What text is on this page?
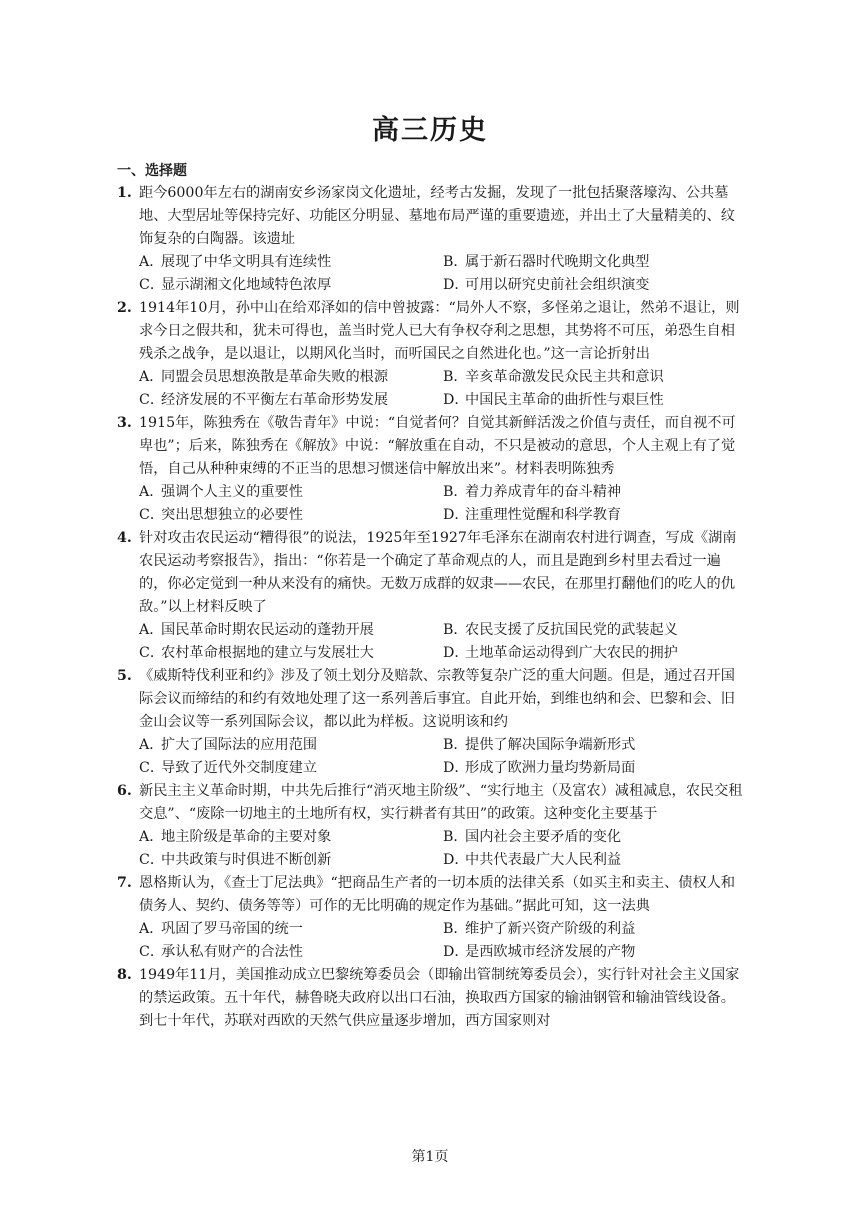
高三历史
一、选择题
1. 距今6000年左右的湖南安乡汤家岗文化遗址，经考古发掘，发现了一批包括聚落壕沟、公共墓地、大型居址等保持完好、功能区分明显、墓地布局严谨的重要遗迹，并出土了大量精美的、纹饰复杂的白陶器。该遗址
A．展现了中华文明具有连续性	B．属于新石器时代晚期文化典型
C．显示湖湘文化地域特色浓厚	D．可用以研究史前社会组织演变
2. 1914年10月，孙中山在给邓泽如的信中曾披露：“局外人不察，多怪弟之退让，然弟不退让，则求今日之假共和，犹未可得也，盖当时党人已大有争权夺利之思想，其势将不可压，弟恐生自相残杀之战争，是以退让，以期风化当时，而听国民之自然进化也。”这一言论折射出
A．同盟会员思想涣散是革命失败的根源	B．辛亥革命激发民众民主共和意识
C．经济发展的不平衡左右革命形势发展	D．中国民主革命的曲折性与艰巨性
3. 1915年，陈独秀在《敬告青年》中说：“自觉者何？自觉其新鲜活泼之价值与责任，而自视不可卑也”；后来，陈独秀在《解放》中说：“解放重在自动，不只是被动的意思，个人主观上有了觉悟，自己从种种束缚的不正当的思想习惯迷信中解放出来”。材料表明陈独秀
A．强调个人主义的重要性	B．着力养成青年的奋斗精神
C．突出思想独立的必要性	D．注重理性觉醒和科学教育
4. 针对攻击农民运动“糟得很”的说法，1925年至1927年毛泽东在湖南农村进行调查，写成《湖南农民运动考察报告》，指出：“你若是一个确定了革命观点的人，而且是跑到乡村里去看过一遍的，你必定觉到一种从来没有的痛快。无数万成群的奴隶——农民，在那里打翻他们的吃人的仇敌。”以上材料反映了
A．国民革命时期农民运动的蓬勃开展	B．农民支援了反抗国民党的武装起义
C．农村革命根据地的建立与发展壮大	D．土地革命运动得到广大农民的拥护
5. 《威斯特伐利亚和约》涉及了领土划分及赔款、宗教等复杂广泛的重大问题。但是，通过召开国际会议而缔结的和约有效地处理了这一系列善后事宜。自此开始，到维也纳和会、巴黎和会、旧金山会议等一系列国际会议，都以此为样板。这说明该和约
A．扩大了国际法的应用范围	B．提供了解决国际争端新形式
C．导致了近代外交制度建立	D．形成了欧洲力量均势新局面
6. 新民主主义革命时期，中共先后推行“消灭地主阶级”、“实行地主（及富农）减租减息，农民交租交息”、“废除一切地主的土地所有权，实行耕者有其田”的政策。这种变化主要基于
A．地主阶级是革命的主要对象	B．国内社会主要矛盾的变化
C．中共政策与时俱进不断创新	D．中共代表最广大人民利益
7. 恩格斯认为，《查士丁尼法典》“把商品生产者的一切本质的法律关系（如买主和卖主、债权人和债务人、契约、债务等等）可作的无比明确的规定作为基础。”据此可知，这一法典
A．巩固了罗马帝国的统一	B．维护了新兴资产阶级的利益
C．承认私有财产的合法性	D．是西欧城市经济发展的产物
8. 1949年11月，美国推动成立巴黎统筹委员会（即输出管制统筹委员会），实行针对社会主义国家的禁运政策。五十年代，赫鲁晓夫政府以出口石油，换取西方国家的输油钢管和输油管线设备。到七十年代，苏联对西欧的天然气供应量逐步增加，西方国家则对
第1页
